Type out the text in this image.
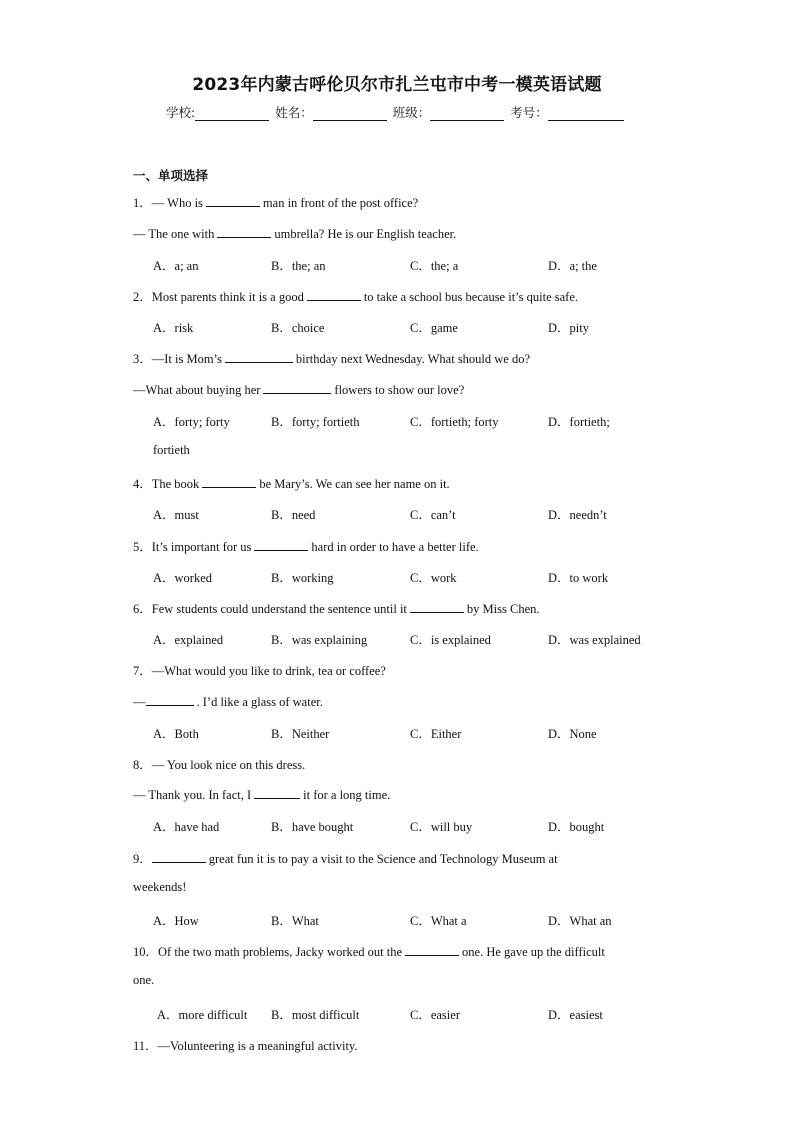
2023年内蒙古呼伦贝尔市扎兰屯市中考一模英语试题
学校:	姓名：	班级：	考号：
一、单项选择
1．— Who is	man in front of the post office?
— The one with	umbrella? He is our English teacher.
A．a; an	B．the; an	C．the; a	D．a; the
2．Most parents think it is a good	to take a school bus because it’s quite safe.
A．risk	B．choice	C．game	D．pity
3．—It is Mom’s	birthday next Wednesday. What should we do?
—What about buying her	flowers to show our love?
A．forty; forty	B．forty; fortieth	C．fortieth; forty	D．fortieth;
fortieth
4．The book	be Mary’s. We can see her name on it.
A．must	B．need	C．can’t	D．needn’t
5．It’s important for us	hard in order to have a better life.
A．worked	B．working	C．work	D．to work
6．Few students could understand the sentence until it	by Miss Chen.
A．explained	B．was explaining	C．is explained	D．was explained
7．—What would you like to drink, tea or coffee?
—	. I’d like a glass of water.
A．Both	B．Neither	C．Either	D．None
8．— You look nice on this dress.
— Thank you. In fact, I	it for a long time.
A．have had	B．have bought	C．will buy	D．bought
9．	great fun it is to pay a visit to the Science and Technology Museum at
weekends!
A．How	B．What	C．What a	D．What an
10．Of the two math problems, Jacky worked out the	one. He gave up the difficult
one.
A．more difficult B．most difficult	C．easier	D．easiest
11．—Volunteering is a meaningful activity.
